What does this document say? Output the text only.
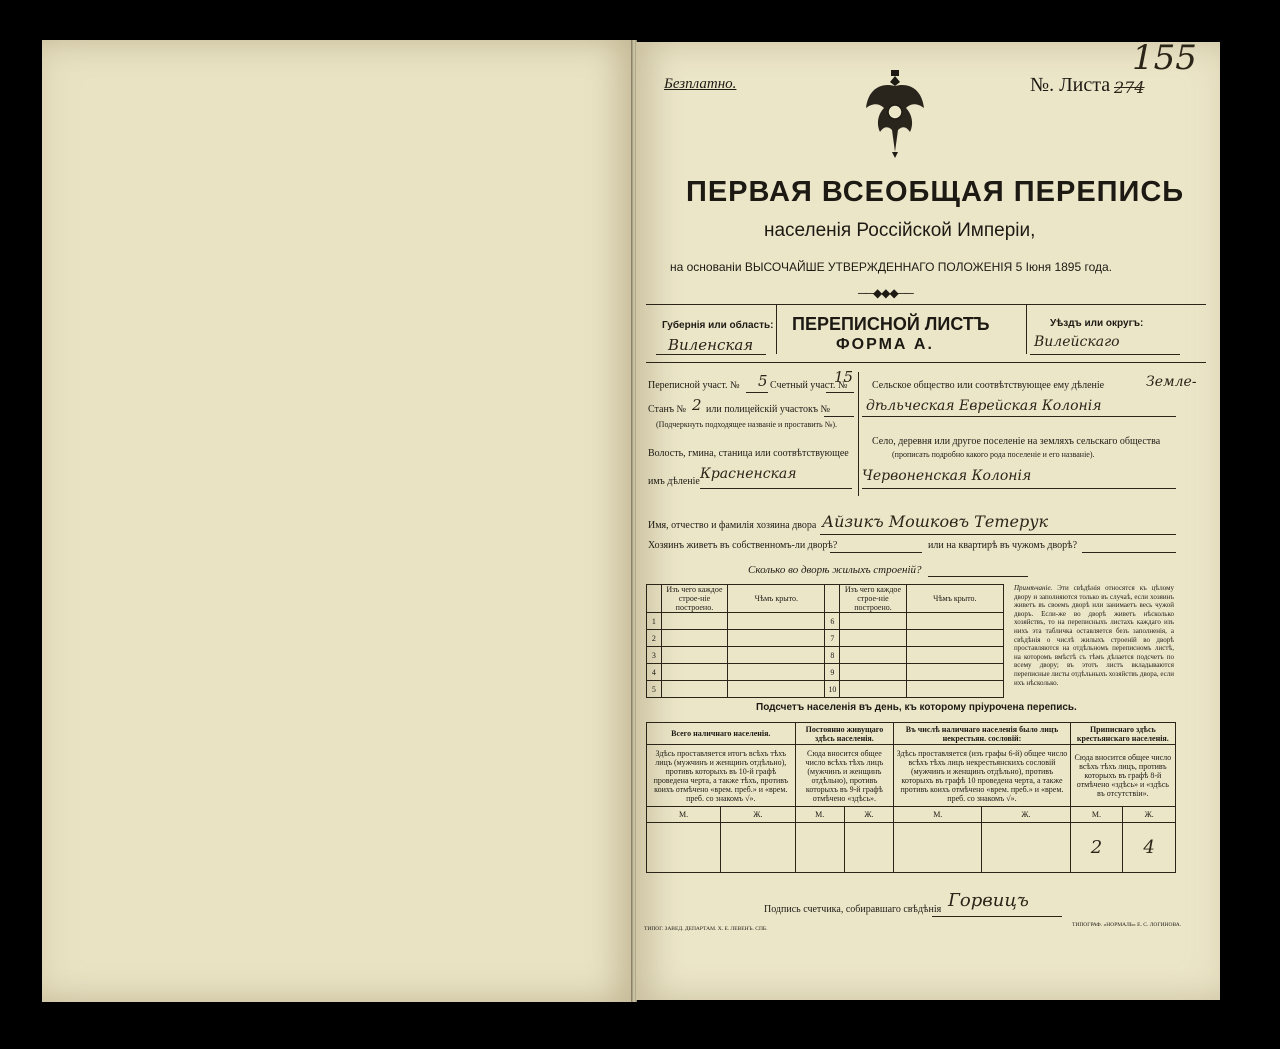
Безплатно.	№. Листа 274
155
ПЕРВАЯ ВСЕОБЩАЯ ПЕРЕПИСЬ
населенія Россійской Имперіи,
на основаніи ВЫСОЧАЙШЕ УТВЕРЖДЕННАГО ПОЛОЖЕНІЯ 5 Іюня 1895 года.
──◆◆◆──
Губернія или область:
Виленская
ПЕРЕПИСНОЙ ЛИСТЪ
ФОРМА А.
Уѣздъ или округъ:
Вилейскаго
Переписной участ. № 5 Счетный участ. №
15
Станъ № 2 или полицейскій участокъ №
(Подчеркнуть подходящее названіе и проставить №).
Волость, гмина, станица или соотвѣтствующее
имъ дѣленіе Красненская
Сельское общество или соотвѣтствующее ему дѣленіе	Земле-
дѣльческая Еврейская Колонія
Село, деревня или другое поселеніе на земляхъ сельскаго общества
(прописать подробно какого рода поселеніе и его названіе).
Червоненская Колонія
Имя, отчество и фамилія хозяина двора Айзикъ Мошковъ Тетерук
Хозяинъ живетъ въ собственномъ-ли дворѣ?	или на квартирѣ въ чужомъ дворѣ?
Сколько во дворѣ жилыхъ строеній?
	Изъ чего каждое строе-ніе построено.	Чѣмъ крыто.		Изъ чего каждое строе-ніе построено.	Чѣмъ крыто.
1			6		
2			7		
3			8		
4			9		
5			10		
Примѣчаніе. Эти свѣдѣнія относятся къ цѣлому двору и заполняются только въ случаѣ, если хозяинъ живетъ въ своемъ дворѣ или занимаетъ весь чужой дворъ. Если-же во дворѣ живетъ нѣсколько хозяйствъ, то на переписныхъ листахъ каждаго изъ нихъ эта табличка оставляется безъ заполненія, а свѣдѣнія о числѣ жилыхъ строеній во дворѣ проставляются на отдѣльномъ переписномъ листѣ, на которомъ вмѣстѣ съ тѣмъ дѣлается подсчетъ по всему двору; въ этотъ листъ вкладываются переписные листы отдѣльныхъ хозяйствъ двора, если ихъ нѣсколько.
Подсчетъ населенія въ день, къ которому пріурочена перепись.
Всего наличнаго населенія.		Постоянно живущаго здѣсь населенія.		Въ числѣ наличнаго населенія было лицъ некрестьян. сословій:		Приписнаго здѣсь крестьянскаго населенія.	
Здѣсь проставляется итогъ всѣхъ тѣхъ лицъ (мужчинъ и женщинъ отдѣльно), противъ которыхъ въ 10-й графѣ проведена черта, а также тѣхъ, противъ коихъ отмѣчено «врем. преб.» и «врем. преб. со знакомъ √».		Сюда вносится общее число всѣхъ тѣхъ лицъ (мужчинъ и женщинъ отдѣльно), противъ которыхъ въ 9-й графѣ отмѣчено «здѣсь».		Здѣсь проставляется (изъ графы 6-й) общее число всѣхъ тѣхъ лицъ некрестьянскихъ сословій (мужчинъ и женщинъ отдѣльно), противъ которыхъ въ графѣ 10 проведена черта, а также противъ коихъ отмѣчено «врем. преб.» и «врем. преб. со знакомъ √».		Сюда вносится общее число всѣхъ тѣхъ лицъ, противъ которыхъ въ графѣ 8-й отмѣчено «здѣсь» и «здѣсь въ отсутствіи».	
М.	Ж.	М.	Ж.	М.	Ж.	М.	Ж.
						2	4
Подпись счетчика, собиравшаго свѣдѣнія Горвицъ
ТИПОГ. ЗАВЕД. ДЕПАРТАМ. Х. Е. ЛЕВЕНЪ. СПБ.
ТИПОГРАФ. «НОРМАЛЬ» Е. С. ЛОГИНОВА.
